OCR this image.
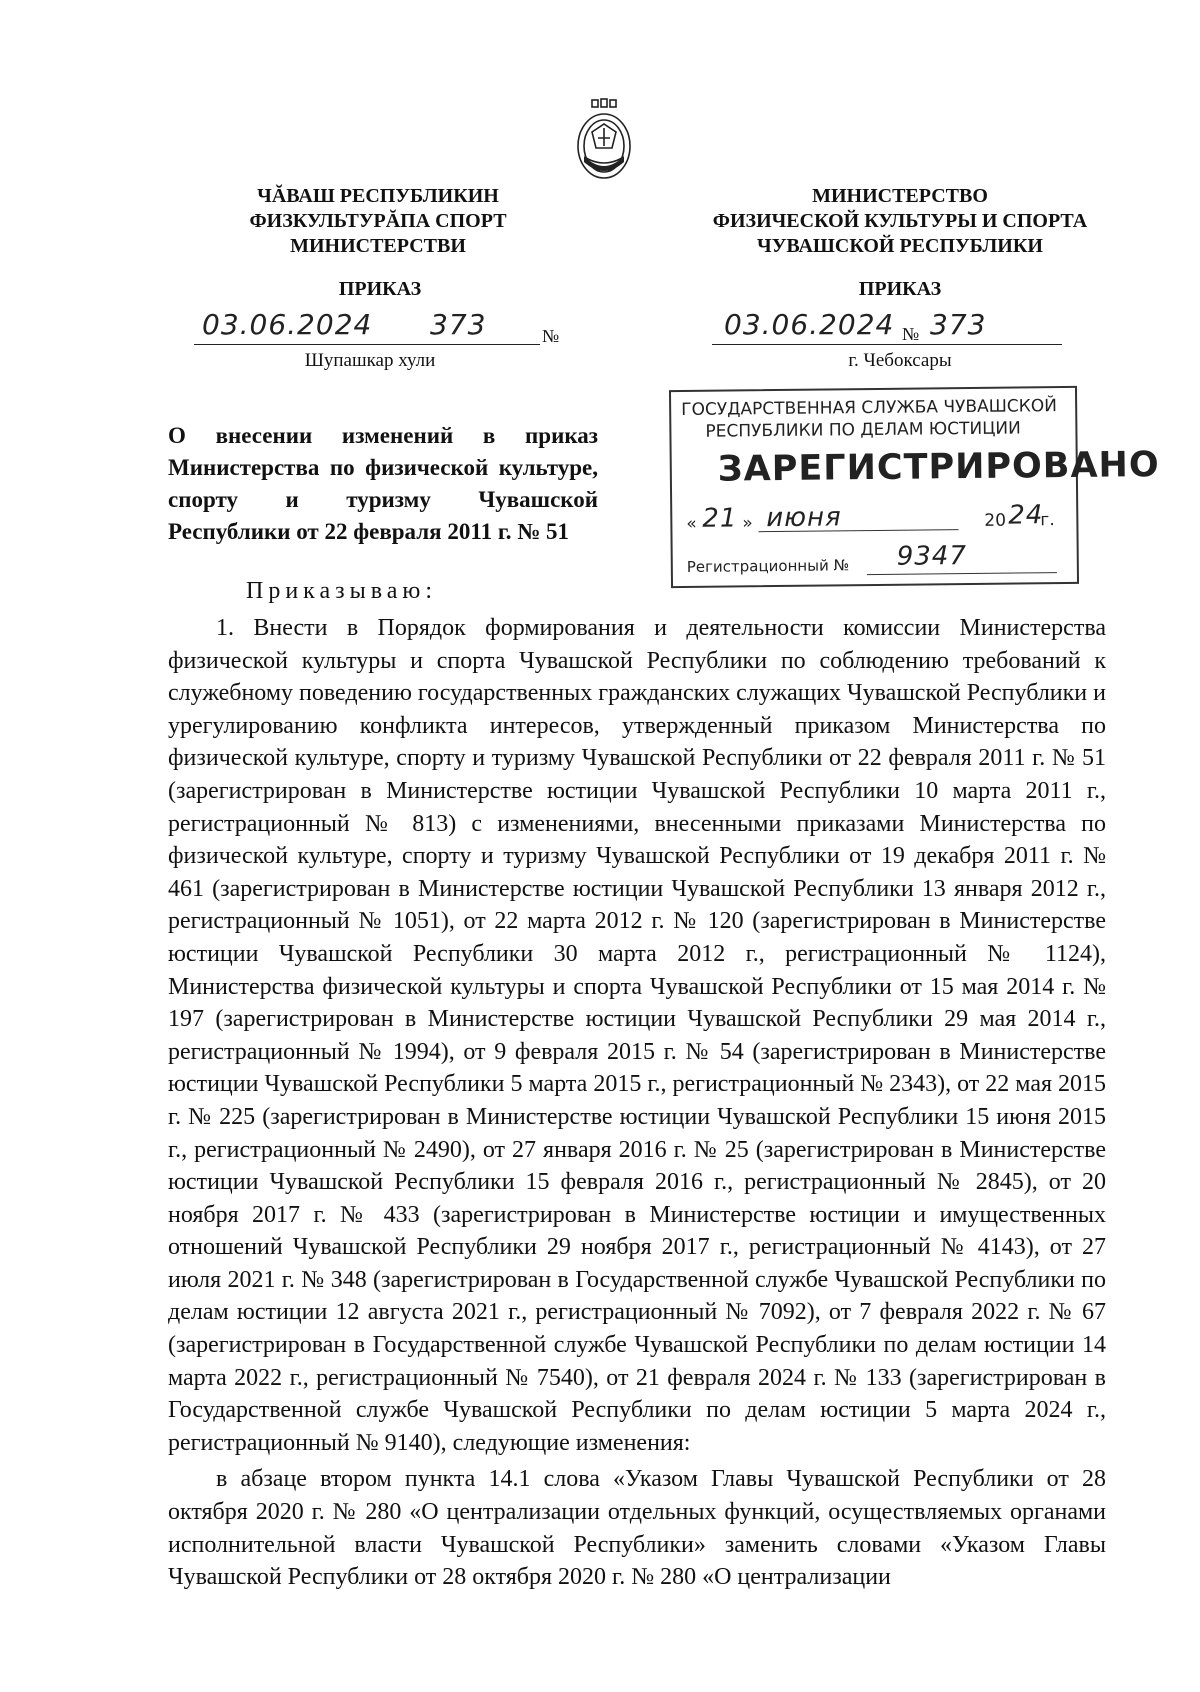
ЧĂВАШ РЕСПУБЛИКИН
ФИЗКУЛЬТУРĂПА СПОРТ
МИНИСТЕРСТВИ
ПРИКАЗ
03.06.2024 373	№
Шупашкар хули
МИНИСТЕРСТВО
ФИЗИЧЕСКОЙ КУЛЬТУРЫ И СПОРТА
ЧУВАШСКОЙ РЕСПУБЛИКИ
ПРИКАЗ
03.06.2024 № 373
г. Чебоксары
ГОСУДАРСТВЕННАЯ СЛУЖБА ЧУВАШСКОЙ
РЕСПУБЛИКИ ПО ДЕЛАМ ЮСТИЦИИ
ЗАРЕГИСТРИРОВАНО
« 21 » июня	20 24
г.
Регистрационный № 9347
О внесении изменений в приказ Министерства по физической культуре, спорту и туризму Чувашской Республики от 22 февраля 2011 г. № 51
Приказываю:

1. Внести в Порядок формирования и деятельности комиссии Министерства физической культуры и спорта Чувашской Республики по соблюдению требований к служебному поведению государственных гражданских служащих Чувашской Республики и урегулированию конфликта интересов, утвержденный приказом Министерства по физической культуре, спорту и туризму Чувашской Республики от 22 февраля 2011 г. № 51 (зарегистрирован в Министерстве юстиции Чувашской Республики 10 марта 2011 г., регистрационный № 813) с изменениями, внесенными приказами Министерства по физической культуре, спорту и туризму Чувашской Республики от 19 декабря 2011 г. № 461 (зарегистрирован в Министерстве юстиции Чувашской Республики 13 января 2012 г., регистрационный № 1051), от 22 марта 2012 г. № 120 (зарегистрирован в Министерстве юстиции Чувашской Республики 30 марта 2012 г., регистрационный № 1124), Министерства физической культуры и спорта Чувашской Республики от 15 мая 2014 г. № 197 (зарегистрирован в Министерстве юстиции Чувашской Республики 29 мая 2014 г., регистрационный № 1994), от 9 февраля 2015 г. № 54 (зарегистрирован в Министерстве юстиции Чувашской Республики 5 марта 2015 г., регистрационный № 2343), от 22 мая 2015 г. № 225 (зарегистрирован в Министерстве юстиции Чувашской Республики 15 июня 2015 г., регистрационный № 2490), от 27 января 2016 г. № 25 (зарегистрирован в Министерстве юстиции Чувашской Республики 15 февраля 2016 г., регистрационный № 2845), от 20 ноября 2017 г. № 433 (зарегистрирован в Министерстве юстиции и имущественных отношений Чувашской Республики 29 ноября 2017 г., регистрационный № 4143), от 27 июля 2021 г. № 348 (зарегистрирован в Государственной службе Чувашской Республики по делам юстиции 12 августа 2021 г., регистрационный № 7092), от 7 февраля 2022 г. № 67 (зарегистрирован в Государственной службе Чувашской Республики по делам юстиции 14 марта 2022 г., регистрационный № 7540), от 21 февраля 2024 г. № 133 (зарегистрирован в Государственной службе Чувашской Республики по делам юстиции 5 марта 2024 г., регистрационный № 9140), следующие изменения:

в абзаце втором пункта 14.1 слова «Указом Главы Чувашской Республики от 28 октября 2020 г. № 280 «О централизации отдельных функций, осуществляемых органами исполнительной власти Чувашской Республики» заменить словами «Указом Главы Чувашской Республики от 28 октября 2020 г. № 280 «О централизации
